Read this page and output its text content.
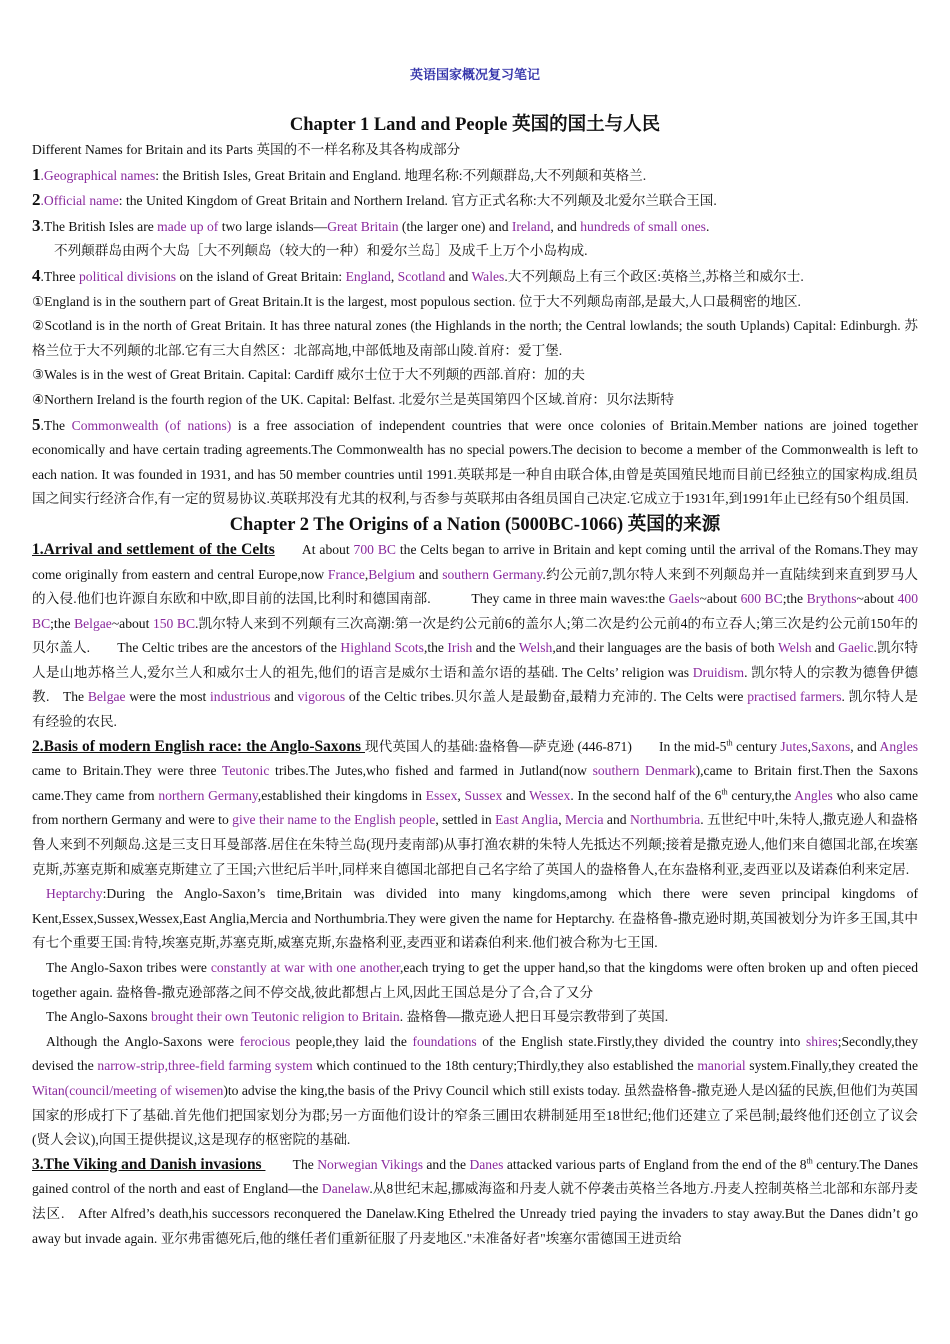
英语国家概况复习笔记

Chapter 1 Land and People 英国的国土与人民

Different Names for Britain and its Parts 英国的不一样名称及其各构成部分

1.Geographical names: the British Isles, Great Britain and England. 地理名称:不列颠群岛,大不列颠和英格兰.

2.Official name: the United Kingdom of Great Britain and Northern Ireland. 官方正式名称:大不列颠及北爱尔兰联合王国.

3.The British Isles are made up of two large islands—Great Britain (the larger one) and Ireland, and hundreds of small ones.

不列颠群岛由两个大岛［大不列颠岛（较大的一种）和爱尔兰岛］及成千上万个小岛构成.

4.Three political divisions on the island of Great Britain: England, Scotland and Wales.大不列颠岛上有三个政区:英格兰,苏格兰和威尔士.

①England is in the southern part of Great Britain.It is the largest, most populous section. 位于大不列颠岛南部,是最大,人口最稠密的地区.

②Scotland is in the north of Great Britain. It has three natural zones (the Highlands in the north; the Central lowlands; the south Uplands) Capital: Edinburgh. 苏格兰位于大不列颠的北部.它有三大自然区：北部高地,中部低地及南部山陵.首府：爱丁堡.

③Wales is in the west of Great Britain. Capital: Cardiff 威尔士位于大不列颠的西部.首府：加的夫

④Northern Ireland is the fourth region of the UK. Capital: Belfast. 北爱尔兰是英国第四个区域.首府：贝尔法斯特

5.The Commonwealth (of nations) is a free association of independent countries that were once colonies of Britain.Member nations are joined together economically and have certain trading agreements.The Commonwealth has no special powers.The decision to become a member of the Commonwealth is left to each nation. It was founded in 1931, and has 50 member countries until 1991.英联邦是一种自由联合体,由曾是英国殖民地而目前已经独立的国家构成.组员国之间实行经济合作,有一定的贸易协议.英联邦没有尤其的权利,与否参与英联邦由各组员国自己决定.它成立于1931年,到1991年止已经有50个组员国.

Chapter 2 The Origins of a Nation (5000BC-1066) 英国的来源

1.Arrival and settlement of the Celts   At about 700 BC the Celts began to arrive in Britain and kept coming until the arrival of the Romans.They may come originally from eastern and central Europe,now France,Belgium and southern Germany.约公元前7,凯尔特人来到不列颠岛并一直陆续到来直到罗马人的入侵.他们也许源自东欧和中欧,即目前的法国,比利时和德国南部.   	They came in three main waves:the Gaels~about 600 BC;the Brythons~about 400 BC;the Belgae~about 150 BC.凯尔特人来到不列颠有三次高潮:第一次是约公元前6的盖尔人;第二次是约公元前4的布立吞人;第三次是约公元前150年的贝尔盖人.   The Celtic tribes are the ancestors of the Highland Scots,the Irish and the Welsh,and their languages are the basis of both Welsh and Gaelic.凯尔特人是山地苏格兰人,爱尔兰人和威尔士人的祖先,他们的语言是威尔士语和盖尔语的基础. The Celts’ religion was Druidism. 凯尔特人的宗教为德鲁伊德教.  The Belgae were the most industrious and vigorous of the Celtic tribes.贝尔盖人是最勤奋,最精力充沛的. The Celts were practised farmers. 凯尔特人是有经验的农民.

2.Basis of modern English race: the Anglo-Saxons 现代英国人的基础:盎格鲁—萨克逊 (446-871)   In the mid-5th century Jutes,Saxons, and Angles came to Britain.They were three Teutonic tribes.The Jutes,who fished and farmed in Jutland(now southern Denmark),came to Britain first.Then the Saxons came.They came from northern Germany,established their kingdoms in Essex, Sussex and Wessex. In the second half of the 6th century,the Angles who also came from northern Germany and were to give their name to the English people, settled in East Anglia, Mercia and Northumbria. 五世纪中叶,朱特人,撒克逊人和盎格鲁人来到不列颠岛.这是三支日耳曼部落.居住在朱特兰岛(现丹麦南部)从事打渔农耕的朱特人先抵达不列颠;接着是撒克逊人,他们来自德国北部,在埃塞克斯,苏塞克斯和威塞克斯建立了王国;六世纪后半叶,同样来自德国北部把自己名字给了英国人的盎格鲁人,在东盎格利亚,麦西亚以及诺森伯利来定居.

Heptarchy:During the Anglo-Saxon’s time,Britain was divided into many kingdoms,among which there were seven principal kingdoms of Kent,Essex,Sussex,Wessex,East Anglia,Mercia and Northumbria.They were given the name for Heptarchy. 在盎格鲁-撒克逊时期,英国被划分为许多王国,其中有七个重要王国:肯特,埃塞克斯,苏塞克斯,威塞克斯,东盎格利亚,麦西亚和诺森伯利来.他们被合称为七王国.

The Anglo-Saxon tribes were constantly at war with one another,each trying to get the upper hand,so that the kingdoms were often broken up and often pieced together again. 盎格鲁-撒克逊部落之间不停交战,彼此都想占上风,因此王国总是分了合,合了又分

The Anglo-Saxons brought their own Teutonic religion to Britain. 盎格鲁—撒克逊人把日耳曼宗教带到了英国.

Although the Anglo-Saxons were ferocious people,they laid the foundations of the English state.Firstly,they divided the country into shires;Secondly,they devised the narrow-strip,three-field farming system which continued to the 18th century;Thirdly,they also established the manorial system.Finally,they created the Witan(council/meeting of wisemen)to advise the king,the basis of the Privy Council which still exists today. 虽然盎格鲁-撒克逊人是凶猛的民族,但他们为英国国家的形成打下了基础.首先他们把国家划分为郡;另一方面他们设计的窄条三圃田农耕制延用至18世纪;他们还建立了采邑制;最终他们还创立了议会(贤人会议),向国王提供提议,这是现存的枢密院的基础.

3.The Viking and Danish invasions   The Norwegian Vikings and the Danes attacked various parts of England from the end of the 8th century.The Danes gained control of the north and east of England—the Danelaw.从8世纪末起,挪威海盗和丹麦人就不停袭击英格兰各地方.丹麦人控制英格兰北部和东部丹麦法区.  After Alfred’s death,his successors reconquered the Danelaw.King Ethelred the Unready tried paying the invaders to stay away.But the Danes didn’t go away but invade again. 亚尔弗雷德死后,他的继任者们重新征服了丹麦地区."未准备好者"埃塞尔雷德国王进贡给
